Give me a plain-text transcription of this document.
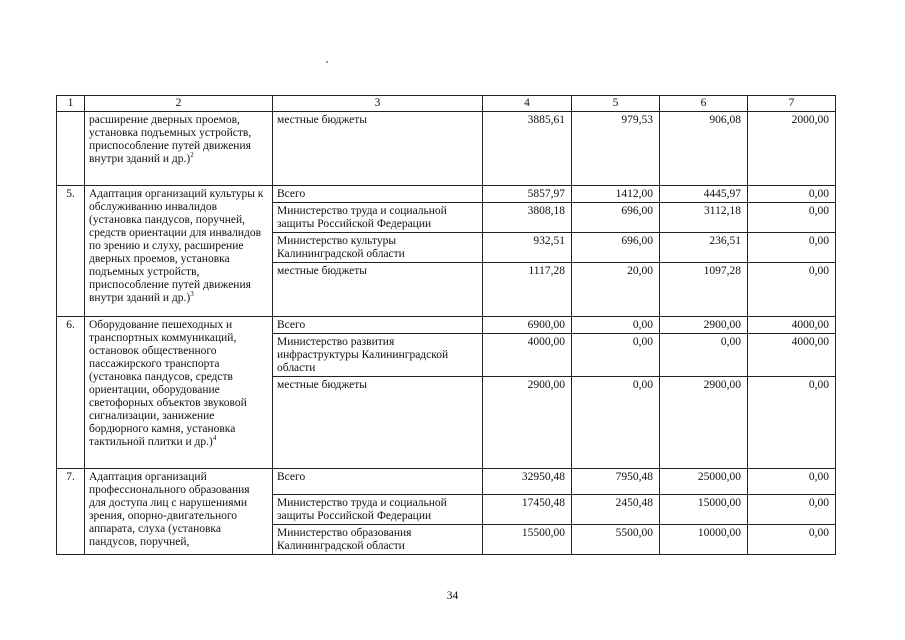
1	2	3	4	5	6	7
	расширение дверных проемов, установка подъемных устройств, приспособление путей движения внутри зданий и др.)$^2$	местные бюджеты	3885,61	979,53	906,08	2000,00
5.	Адаптация организаций культуры к обслуживанию инвалидов (установка пандусов, поручней, средств ориентации для инвалидов по зрению и слуху, расширение дверных проемов, установка подъемных устройств, приспособление путей движения внутри зданий и др.)$^3$	Всего	5857,97	1412,00	4445,97	0,00
		Министерство труда и социальной защиты Российской Федерации	3808,18	696,00	3112,18	0,00
		Министерство культуры Калининградской области	932,51	696,00	236,51	0,00
		местные бюджеты	1117,28	20,00	1097,28	0,00
6.	Оборудование пешеходных и транспортных коммуникаций, остановок общественного пассажирского транспорта (установка пандусов, средств ориентации, оборудование светофорных объектов звуковой сигнализации, занижение бордюрного камня, установка тактильной плитки и др.)$^4$	Всего	6900,00	0,00	2900,00	4000,00
		Министерство развития инфраструктуры Калининградской области	4000,00	0,00	0,00	4000,00
		местные бюджеты	2900,00	0,00	2900,00	0,00
7.	Адаптация организаций профессионального образования для доступа лиц с нарушениями зрения, опорно-двигательного аппарата, слуха (установка пандусов, поручней,	Всего	32950,48	7950,48	25000,00	0,00
		Министерство труда и социальной защиты Российской Федерации	17450,48	2450,48	15000,00	0,00
		Министерство образования Калининградской области	15500,00	5500,00	10000,00	0,00
34
